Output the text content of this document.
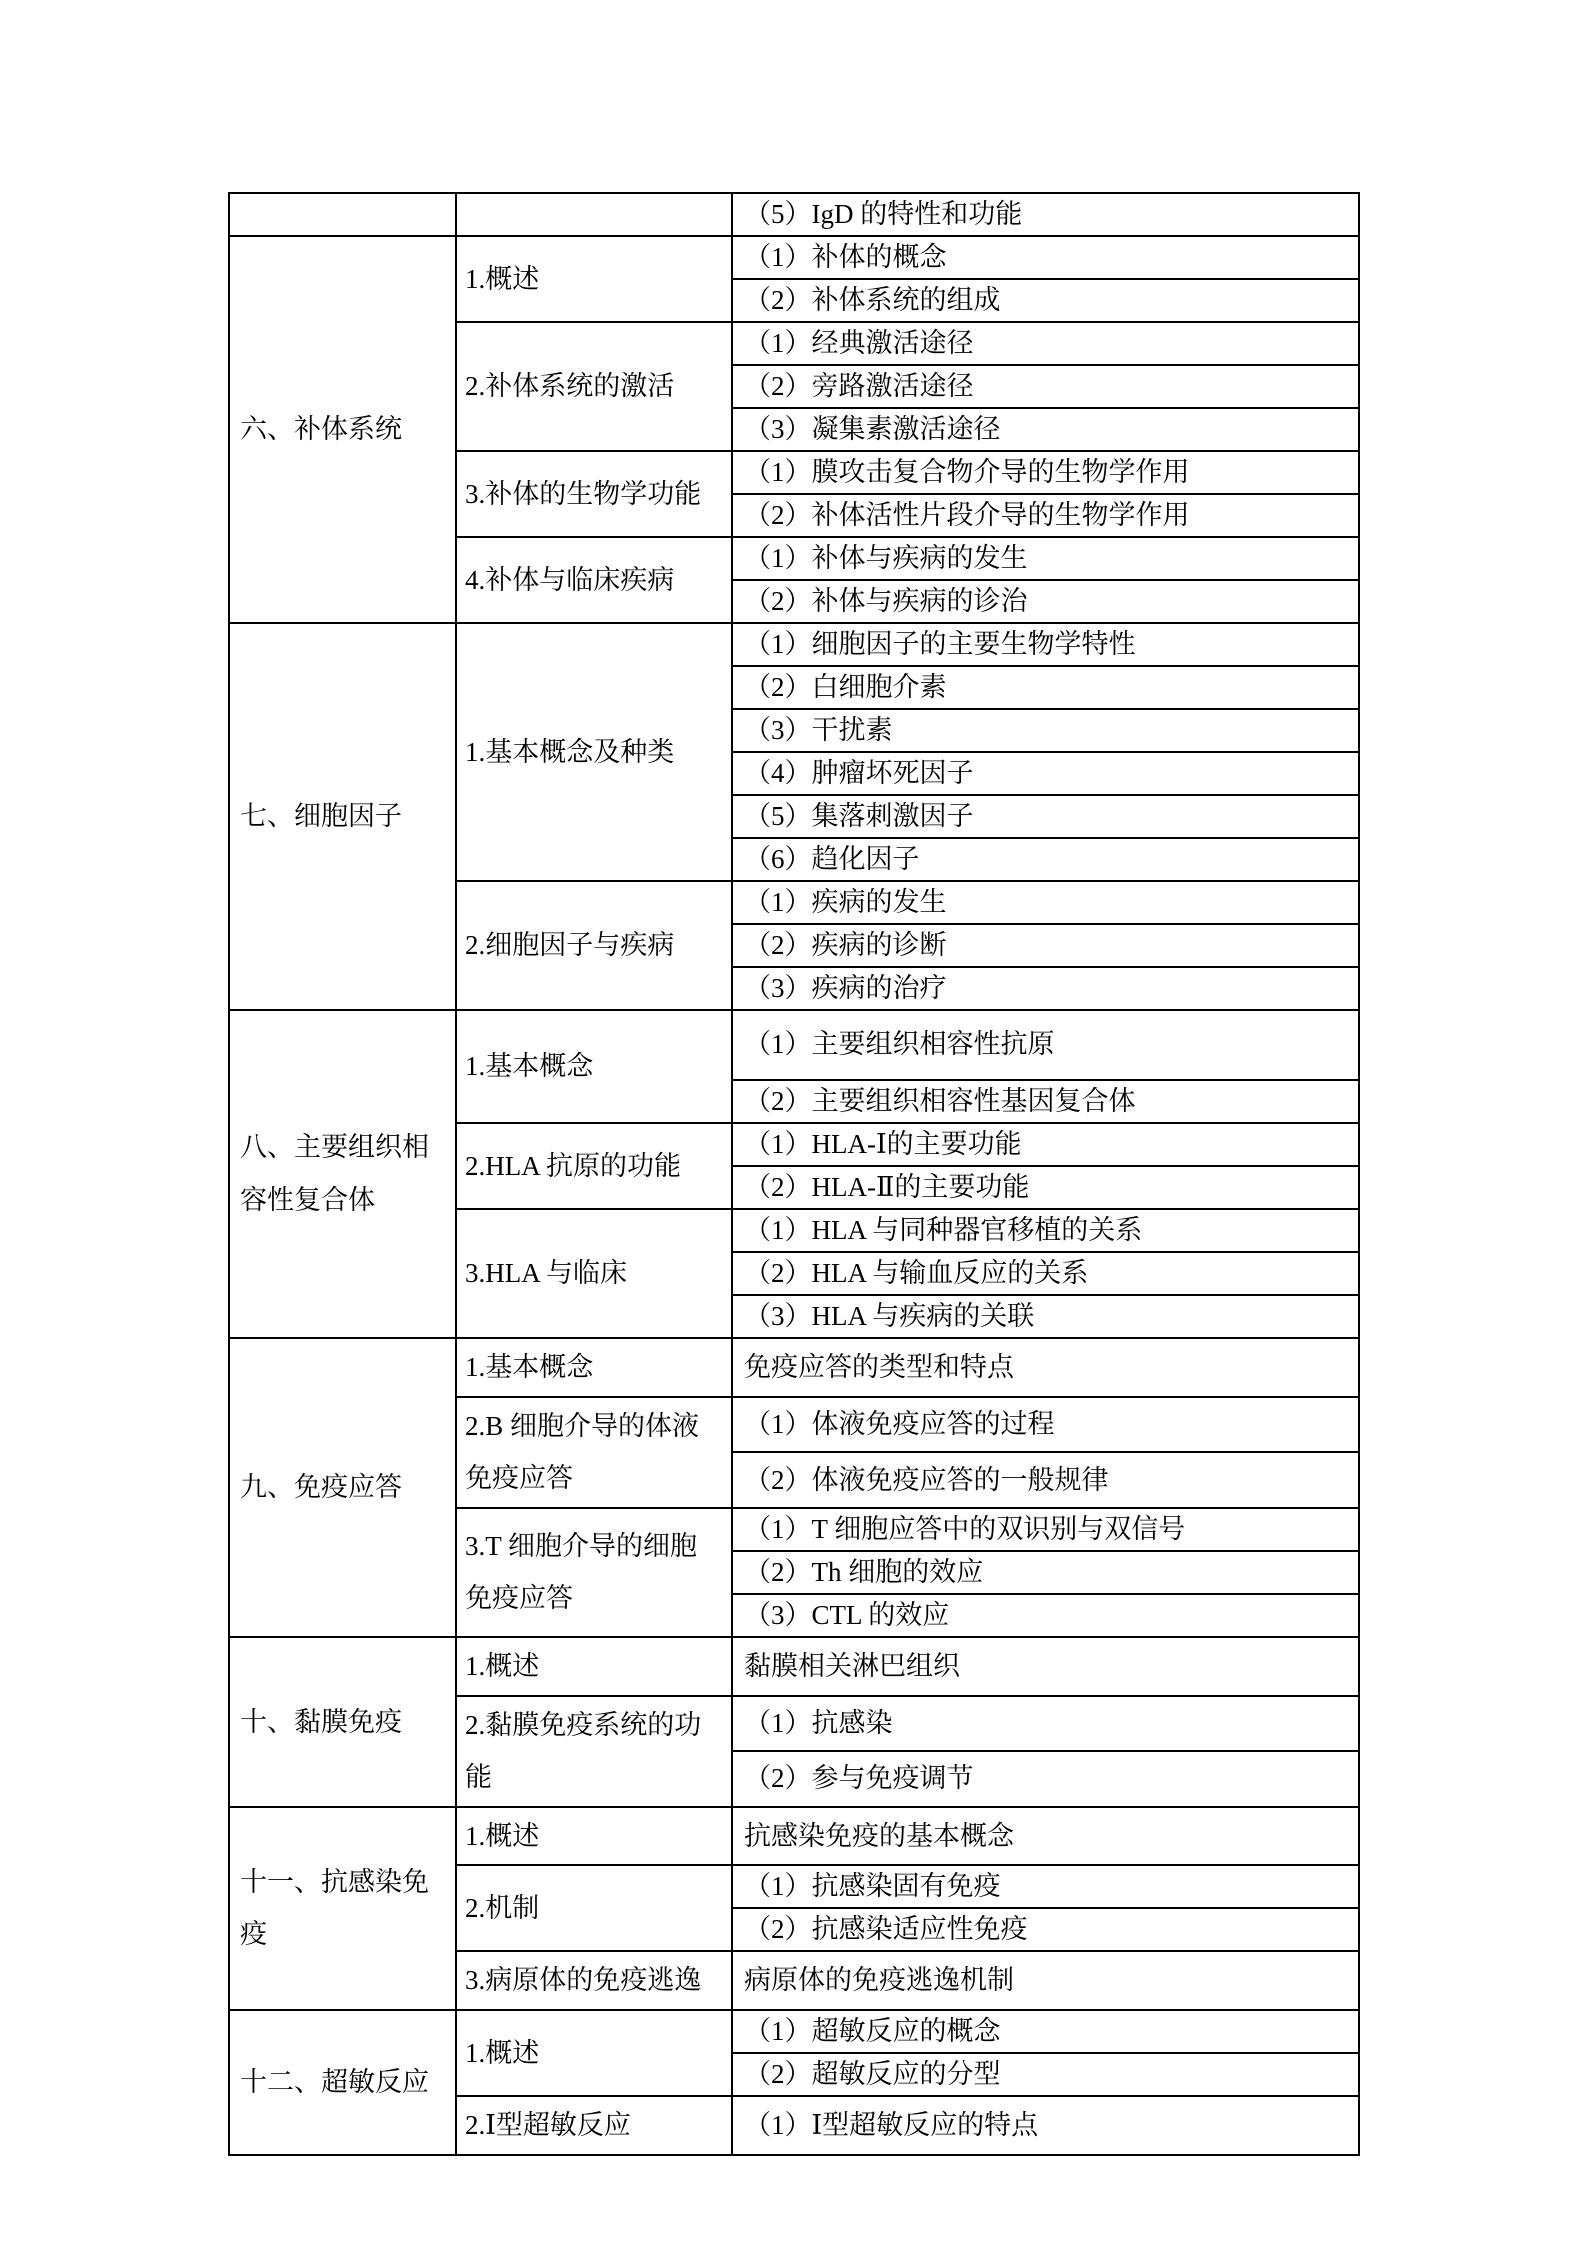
		（5）IgD 的特性和功能
六、补体系统	1.概述	（1）补体的概念
		（2）补体系统的组成
	2.补体系统的激活	（1）经典激活途径
		（2）旁路激活途径
		（3）凝集素激活途径
	3.补体的生物学功能	（1）膜攻击复合物介导的生物学作用
		（2）补体活性片段介导的生物学作用
	4.补体与临床疾病	（1）补体与疾病的发生
		（2）补体与疾病的诊治
七、细胞因子	1.基本概念及种类	（1）细胞因子的主要生物学特性
		（2）白细胞介素
		（3）干扰素
		（4）肿瘤坏死因子
		（5）集落刺激因子
		（6）趋化因子
	2.细胞因子与疾病	（1）疾病的发生
		（2）疾病的诊断
		（3）疾病的治疗
八、主要组织相容性复合体	1.基本概念	（1）主要组织相容性抗原
		（2）主要组织相容性基因复合体
	2.HLA 抗原的功能	（1）HLA-Ⅰ的主要功能
		（2）HLA-Ⅱ的主要功能
	3.HLA 与临床	（1）HLA 与同种器官移植的关系
		（2）HLA 与输血反应的关系
		（3）HLA 与疾病的关联
九、免疫应答	1.基本概念	免疫应答的类型和特点
	2.B 细胞介导的体液免疫应答	（1）体液免疫应答的过程
		（2）体液免疫应答的一般规律
	3.T 细胞介导的细胞免疫应答	（1）T 细胞应答中的双识别与双信号
		（2）Th 细胞的效应
		（3）CTL 的效应
十、黏膜免疫	1.概述	黏膜相关淋巴组织
	2.黏膜免疫系统的功能	（1）抗感染
		（2）参与免疫调节
十一、抗感染免疫	1.概述	抗感染免疫的基本概念
	2.机制	（1）抗感染固有免疫
		（2）抗感染适应性免疫
	3.病原体的免疫逃逸	病原体的免疫逃逸机制
十二、超敏反应	1.概述	（1）超敏反应的概念
		（2）超敏反应的分型
	2.Ⅰ型超敏反应	（1）Ⅰ型超敏反应的特点
